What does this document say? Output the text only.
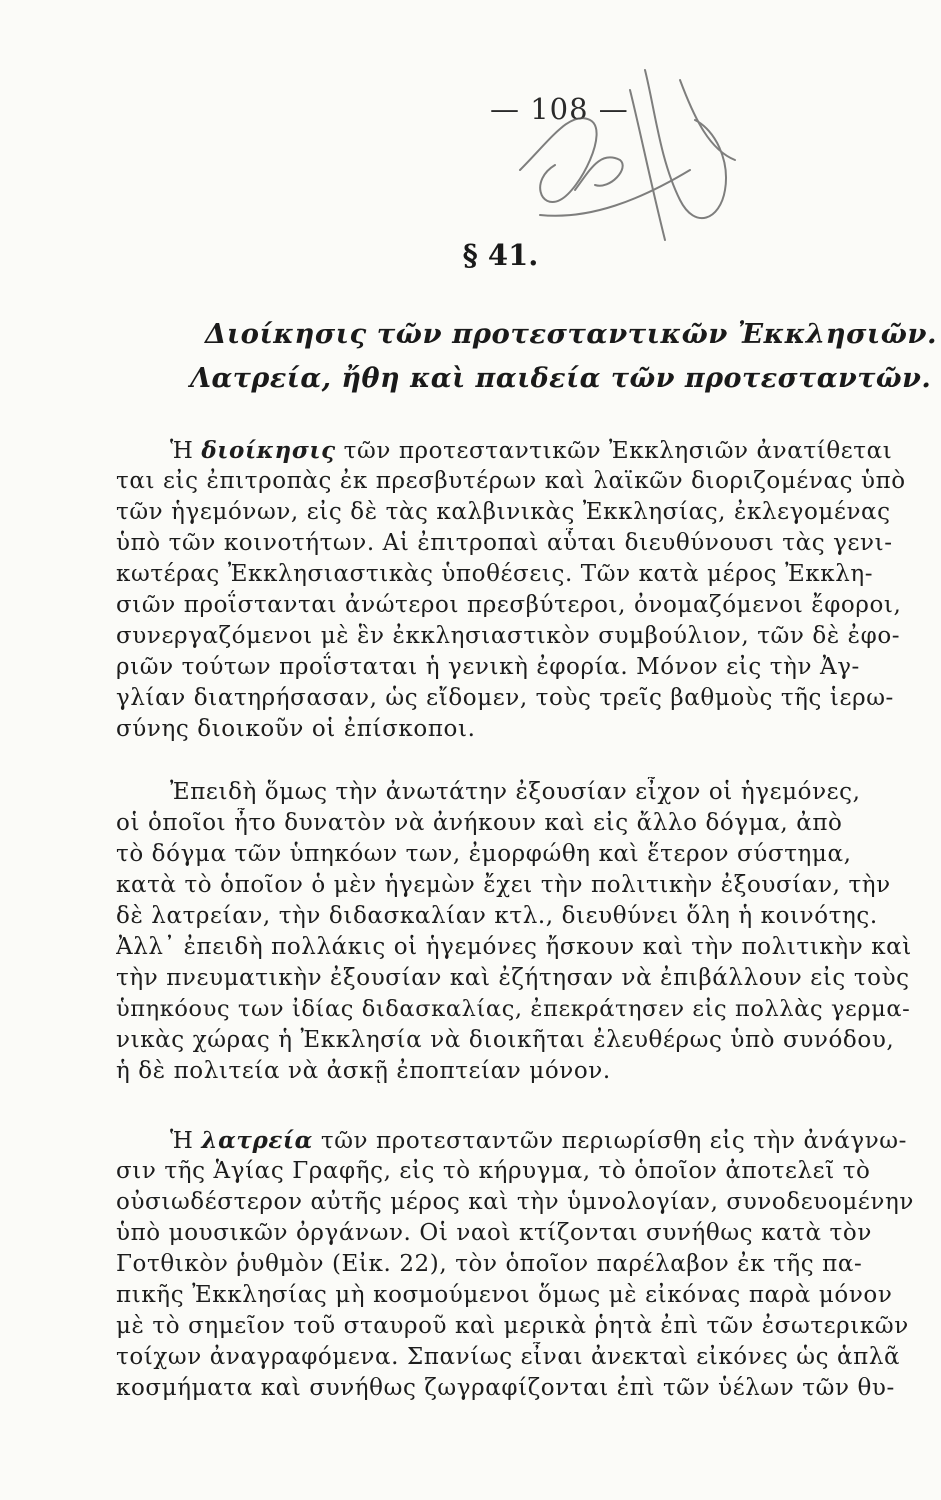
— 108 —
§ 41.
Διοίκησις τῶν προτεσταντικῶν Ἐκκλησιῶν.
Λατρεία, ἤθη καὶ παιδεία τῶν προτεσταντῶν.
Ἡ διοίκησις τῶν προτεσταντικῶν Ἐκκλησιῶν ἀνατίθεται
ται εἰς ἐπιτροπὰς ἐκ πρεσβυτέρων καὶ λαϊκῶν διοριζομένας ὑπὸ
τῶν ἡγεμόνων, εἰς δὲ τὰς καλβινικὰς Ἐκκλησίας, ἐκλεγομένας
ὑπὸ τῶν κοινοτήτων. Αἱ ἐπιτροπαὶ αὗται διευθύνουσι τὰς γενι-
κωτέρας Ἐκκλησιαστικὰς ὑποθέσεις. Τῶν κατὰ μέρος Ἐκκλη-
σιῶν προΐστανται ἀνώτεροι πρεσβύτεροι, ὀνομαζόμενοι ἔφοροι,
συνεργαζόμενοι μὲ ἓν ἐκκλησιαστικὸν συμβούλιον, τῶν δὲ ἐφο-
ριῶν τούτων προΐσταται ἡ γενικὴ ἐφορία. Μόνον εἰς τὴν Ἀγ-
γλίαν διατηρήσασαν, ὡς εἴδομεν, τοὺς τρεῖς βαθμοὺς τῆς ἱερω-
σύνης διοικοῦν οἱ ἐπίσκοποι.
Ἐπειδὴ ὅμως τὴν ἀνωτάτην ἐξουσίαν εἶχον οἱ ἡγεμόνες,
οἱ ὁποῖοι ἦτο δυνατὸν νὰ ἀνήκουν καὶ εἰς ἄλλο δόγμα, ἀπὸ
τὸ δόγμα τῶν ὑπηκόων των, ἐμορφώθη καὶ ἕτερον σύστημα,
κατὰ τὸ ὁποῖον ὁ μὲν ἡγεμὼν ἔχει τὴν πολιτικὴν ἐξουσίαν, τὴν
δὲ λατρείαν, τὴν διδασκαλίαν κτλ., διευθύνει ὅλη ἡ κοινότης.
Ἀλλ᾽ ἐπειδὴ πολλάκις οἱ ἡγεμόνες ἤσκουν καὶ τὴν πολιτικὴν καὶ
τὴν πνευματικὴν ἐξουσίαν καὶ ἐζήτησαν νὰ ἐπιβάλλουν εἰς τοὺς
ὑπηκόους των ἰδίας διδασκαλίας, ἐπεκράτησεν εἰς πολλὰς γερμα-
νικὰς χώρας ἡ Ἐκκλησία νὰ διοικῆται ἐλευθέρως ὑπὸ συνόδου,
ἡ δὲ πολιτεία νὰ ἀσκῇ ἐποπτείαν μόνον.
Ἡ λατρεία τῶν προτεσταντῶν περιωρίσθη εἰς τὴν ἀνάγνω-
σιν τῆς Ἁγίας Γραφῆς, εἰς τὸ κήρυγμα, τὸ ὁποῖον ἀποτελεῖ τὸ
οὐσιωδέστερον αὐτῆς μέρος καὶ τὴν ὑμνολογίαν, συνοδευομένην
ὑπὸ μουσικῶν ὀργάνων. Οἱ ναοὶ κτίζονται συνήθως κατὰ τὸν
Γοτθικὸν ῥυθμὸν (Εἰκ. 22), τὸν ὁποῖον παρέλαβον ἐκ τῆς πα-
πικῆς Ἐκκλησίας μὴ κοσμούμενοι ὅμως μὲ εἰκόνας παρὰ μόνον
μὲ τὸ σημεῖον τοῦ σταυροῦ καὶ μερικὰ ῥητὰ ἐπὶ τῶν ἐσωτερικῶν
τοίχων ἀναγραφόμενα. Σπανίως εἶναι ἀνεκταὶ εἰκόνες ὡς ἁπλᾶ
κοσμήματα καὶ συνήθως ζωγραφίζονται ἐπὶ τῶν ὑέλων τῶν θυ-
